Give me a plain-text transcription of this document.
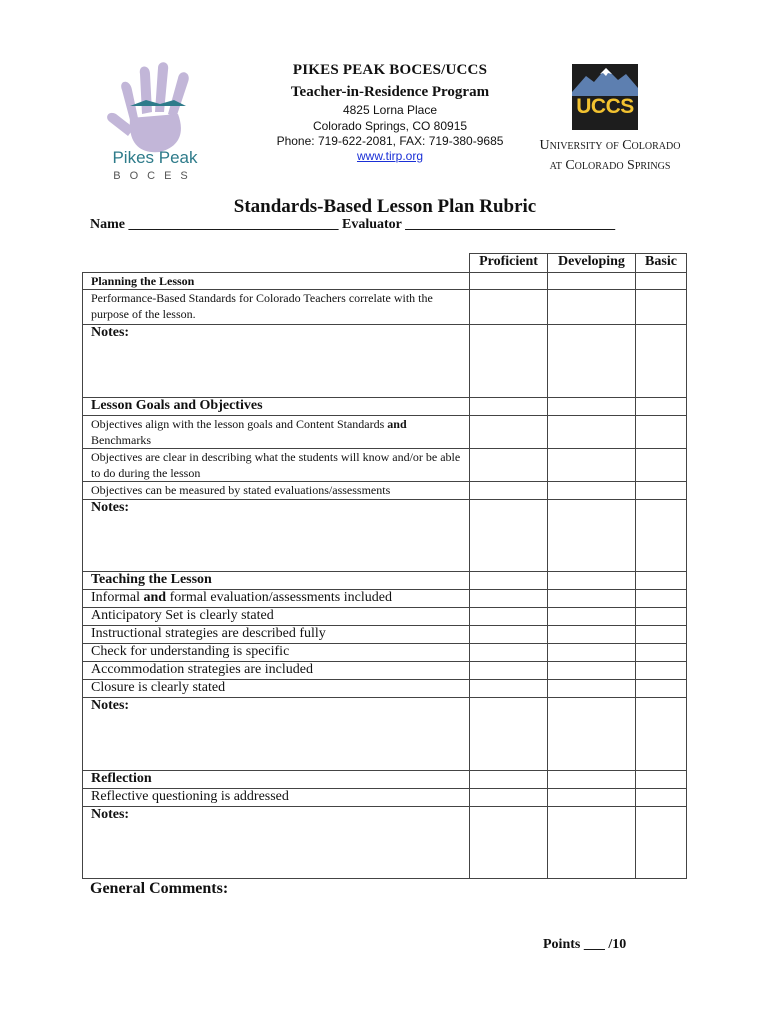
PIKES PEAK BOCES/UCCS
Teacher-in-Residence Program
4825 Lorna Place
Colorado Springs, CO 80915
Phone: 719-622-2081, FAX: 719-380-9685
www.tirp.org
Pikes Peak
BOCES
UCCS
University of Colorado
at Colorado Springs
Standards-Based Lesson Plan Rubric
Name ______________________________ Evaluator ______________________________
	Proficient	Developing	Basic
Planning the Lesson			
Performance-Based Standards for Colorado Teachers correlate with the purpose of the lesson.			
Notes:			
Lesson Goals and Objectives			
Objectives align with the lesson goals and Content Standards and Benchmarks			
Objectives are clear in describing what the students will know and/or be able to do during the lesson			
Objectives can be measured by stated evaluations/assessments			
Notes:			
Teaching the Lesson			
Informal and formal evaluation/assessments included			
Anticipatory Set is clearly stated			
Instructional strategies are described fully			
Check for understanding is specific			
Accommodation strategies are included			
Closure is clearly stated			
Notes:			
Reflection			
Reflective questioning is addressed			
Notes:			
General Comments:
Points ___ /10
